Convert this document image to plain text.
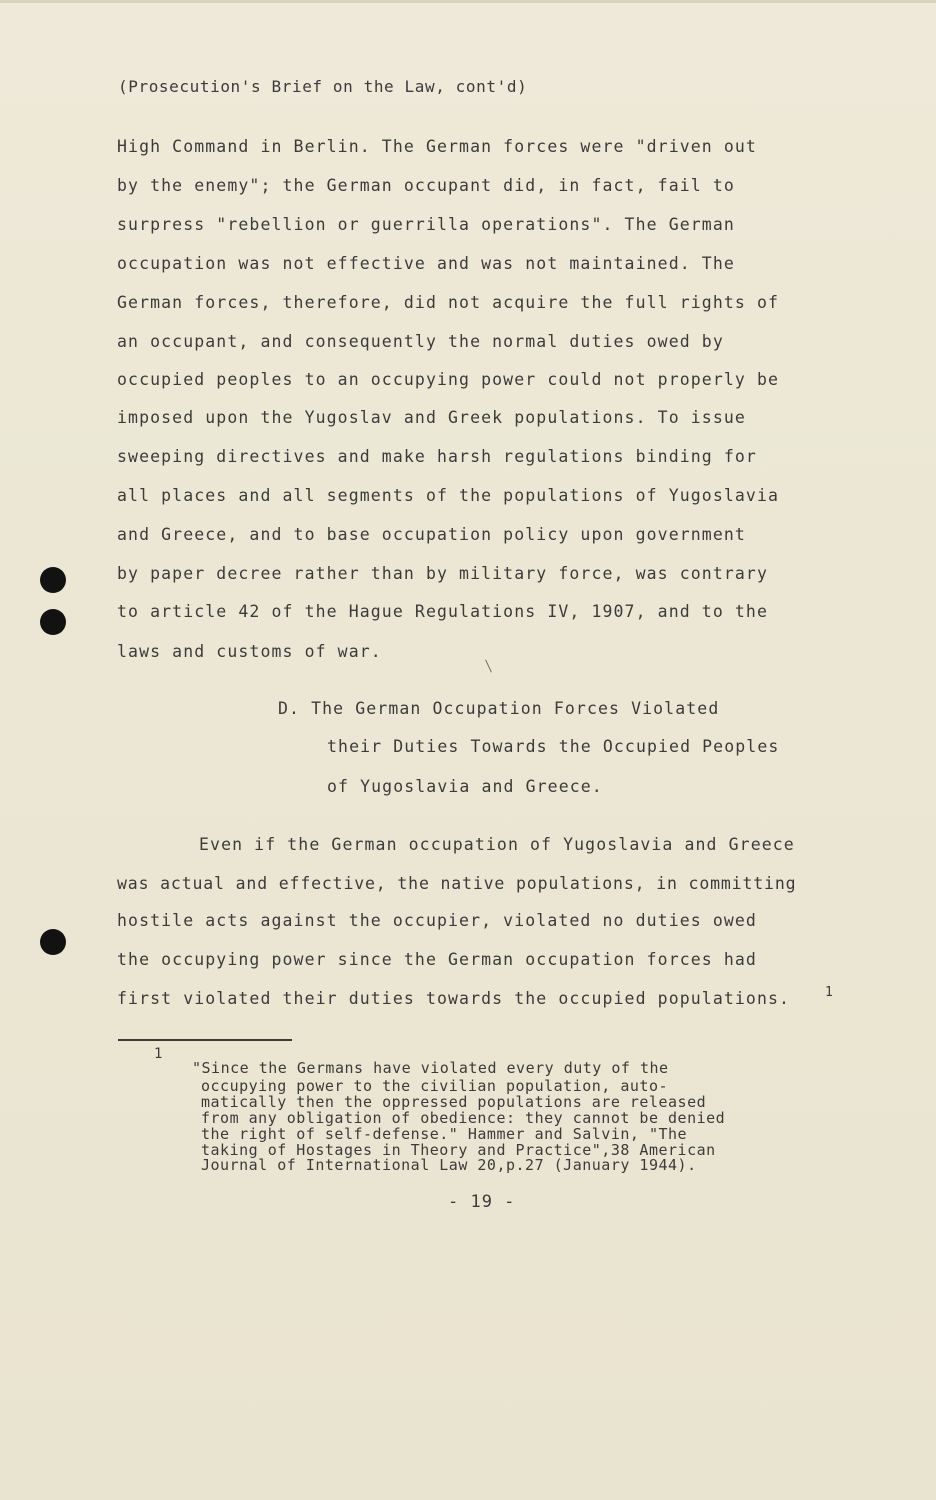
(Prosecution's Brief on the Law, cont'd)
High Command in Berlin. The German forces were "driven out
by the enemy"; the German occupant did, in fact, fail to
surpress "rebellion or guerrilla operations". The German
occupation was not effective and was not maintained. The
German forces, therefore, did not acquire the full rights of
an occupant, and consequently the normal duties owed by
occupied peoples to an occupying power could not properly be
imposed upon the Yugoslav and Greek populations. To issue
sweeping directives and make harsh regulations binding for
all places and all segments of the populations of Yugoslavia
and Greece, and to base occupation policy upon government
by paper decree rather than by military force, was contrary
to article 42 of the Hague Regulations IV, 1907, and to the
laws and customs of war.
D. The German Occupation Forces Violated
their Duties Towards the Occupied Peoples
of Yugoslavia and Greece.
Even if the German occupation of Yugoslavia and Greece
was actual and effective, the native populations, in committing
hostile acts against the occupier, violated no duties owed
the occupying power since the German occupation forces had
first violated their duties towards the occupied populations.	1
1
"Since the Germans have violated every duty of the
occupying power to the civilian population, auto-
matically then the oppressed populations are released
from any obligation of obedience: they cannot be denied
the right of self-defense." Hammer and Salvin, "The
taking of Hostages in Theory and Practice",38 American
Journal of International Law 20,p.27 (January 1944).
- 19 -
